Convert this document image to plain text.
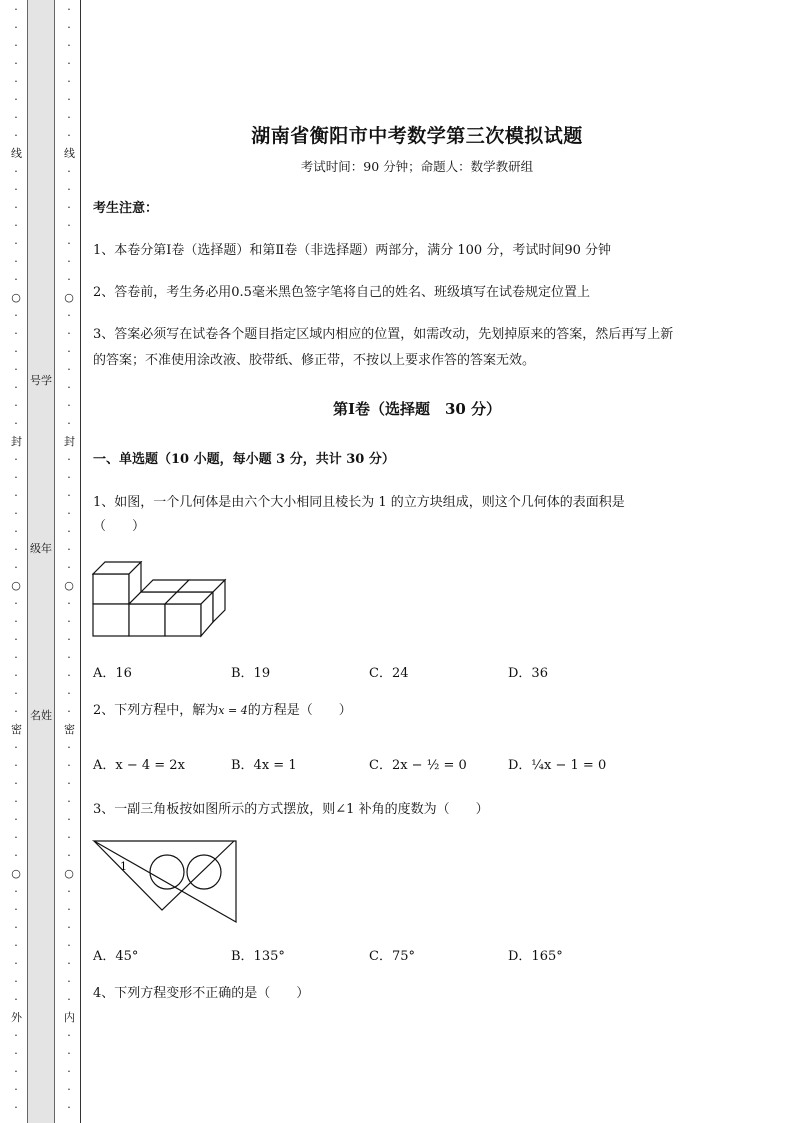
·
·
·
·
·
·
·
·
线
·
·
·
·
·
·
·
○
·
·
·
·
·
·
·
封
·
·
·
·
·
·
·
○
·
·
·
·
·
·
·
密
·
·
·
·
·
·
·
○
·
·
·
·
·
·
·
外
·
·
·
·
·
号学
级年
名姓
·
·
·
·
·
·
·
·
线
·
·
·
·
·
·
·
○
·
·
·
·
·
·
·
封
·
·
·
·
·
·
·
○
·
·
·
·
·
·
·
密
·
·
·
·
·
·
·
○
·
·
·
·
·
·
·
内
·
·
·
·
·
湖南省衡阳市中考数学第三次模拟试题
考试时间：90 分钟；命题人：数学教研组
考生注意：
1、本卷分第Ⅰ卷（选择题）和第Ⅱ卷（非选择题）两部分，满分 100 分，考试时间90 分钟
2、答卷前，考生务必用0.5毫米黑色签字笔将自己的姓名、班级填写在试卷规定位置上
3、答案必须写在试卷各个题目指定区域内相应的位置，如需改动，先划掉原来的答案，然后再写上新
的答案；不准使用涂改液、胶带纸、修正带，不按以上要求作答的答案无效。
第Ⅰ卷（选择题　30 分）
一、单选题（10 小题，每小题 3 分，共计 30 分）
1、如图，一个几何体是由六个大小相同且棱长为 1 的立方块组成，则这个几何体的表面积是
（　　）
A．16	B．19	C．24	D．36
2、下列方程中，解为x = 4的方程是（　　）
A．x − 4 = 2x	B．4x = 1	C．2x − ½ = 0	D．¼x − 1 = 0
3、一副三角板按如图所示的方式摆放，则∠1 补角的度数为（　　）
1
A．45°	B．135°	C．75°	D．165°
4、下列方程变形不正确的是（　　）
